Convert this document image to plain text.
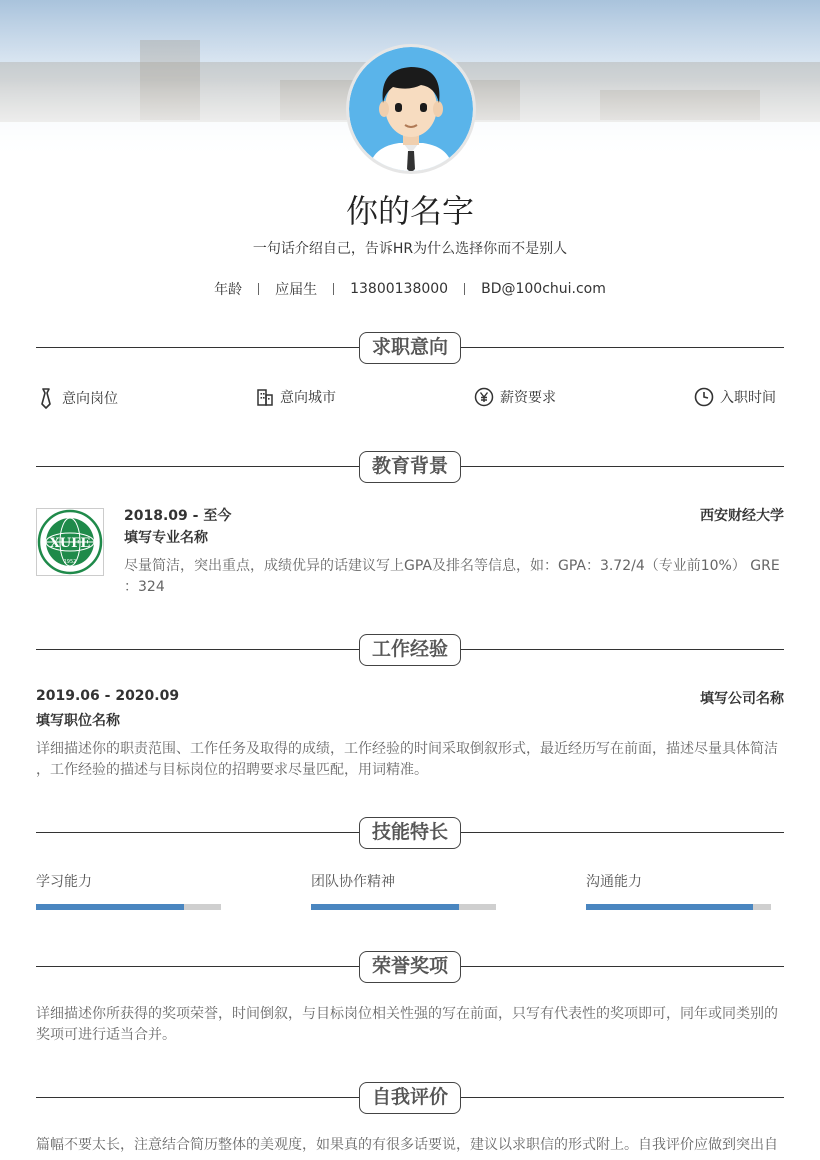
你的名字
一句话介绍自己，告诉HR为什么选择你而不是别人
年龄 应届生 13800138000 BD@100chui.com
求职意向
意向岗位	意向城市	薪资要求	入职时间
教育背景
XUFE
1952
2018.09 - 至今	西安财经大学
填写专业名称
尽量简洁，突出重点，成绩优异的话建议写上GPA及排名等信息，如：GPA：3.72/4（专业前10%） GRE
：324
工作经验
2019.06 - 2020.09	填写公司名称
填写职位名称
详细描述你的职责范围、工作任务及取得的成绩，工作经验的时间采取倒叙形式，最近经历写在前面，描述尽量具体简洁
，工作经验的描述与目标岗位的招聘要求尽量匹配，用词精准。
技能特长
学习能力	团队协作精神	沟通能力
荣誉奖项
详细描述你所获得的奖项荣誉，时间倒叙，与目标岗位相关性强的写在前面，只写有代表性的奖项即可，同年或同类别的
奖项可进行适当合并。
自我评价
篇幅不要太长，注意结合简历整体的美观度，如果真的有很多话要说，建议以求职信的形式附上。自我评价应做到突出自
